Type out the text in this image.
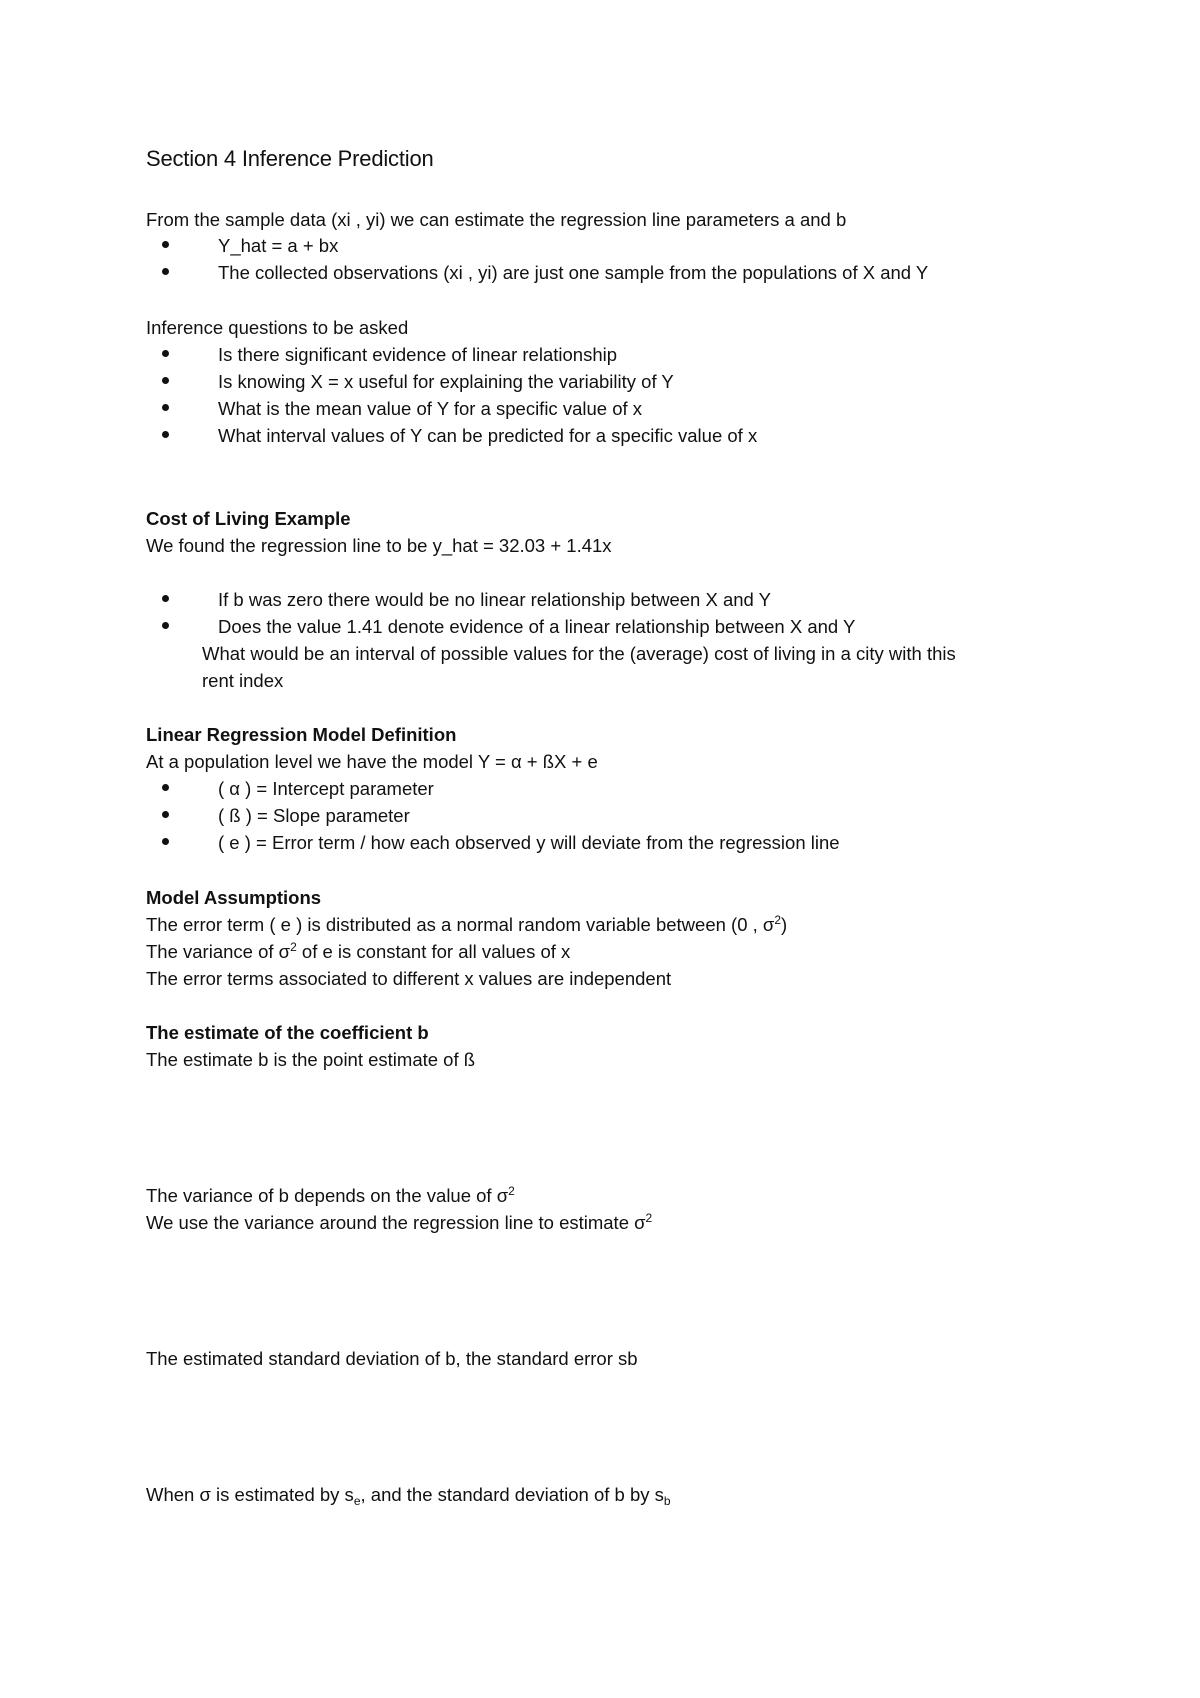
Section 4 Inference Prediction
From the sample data (xi , yi) we can estimate the regression line parameters a and b
Y_hat = a + bx
The collected observations (xi , yi) are just one sample from the populations of X and Y
Inference questions to be asked
Is there significant evidence of linear relationship
Is knowing X = x useful for explaining the variability of Y
What is the mean value of Y for a specific value of x
What interval values of Y can be predicted for a specific value of x
Cost of Living Example
We found the regression line to be y_hat = 32.03 + 1.41x
If b was zero there would be no linear relationship between X and Y
Does the value 1.41 denote evidence of a linear relationship between X and Y
What would be an interval of possible values for the (average) cost of living in a city with this
rent index
Linear Regression Model Definition
At a population level we have the model Y = α + ßX + e
( α ) = Intercept parameter
( ß ) = Slope parameter
( e ) = Error term / how each observed y will deviate from the regression line
Model Assumptions
The error term ( e ) is distributed as a normal random variable between (0 , $\sigma^2$)
The variance of $\sigma^2$ of e is constant for all values of x
The error terms associated to different x values are independent
The estimate of the coefficient b
The estimate b is the point estimate of ß
The variance of b depends on the value of $\sigma^2$
We use the variance around the regression line to estimate $\sigma^2$
The estimated standard deviation of b, the standard error sb
When σ is estimated by $s_e$, and the standard deviation of b by $s_b$
